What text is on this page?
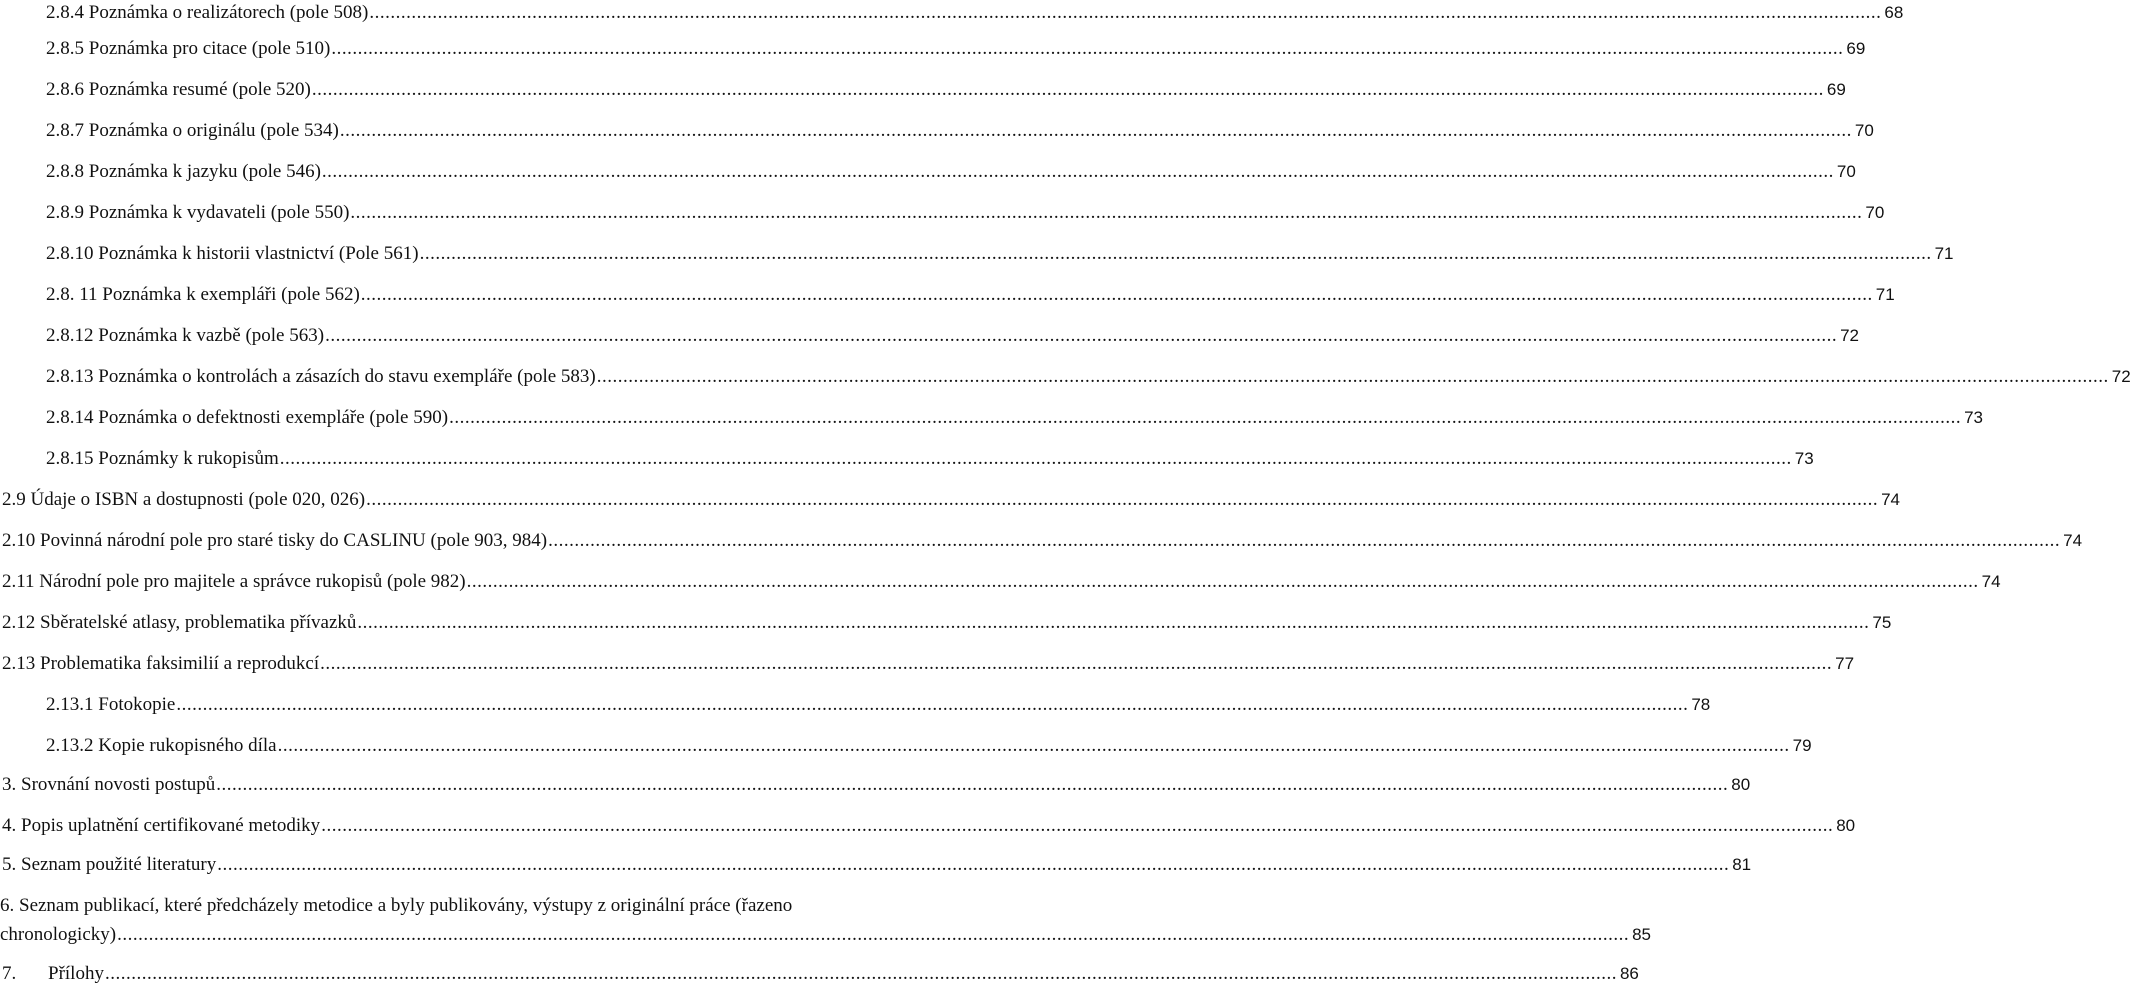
2.8.4 Poznámka o realizátorech (pole 508) ................................................................................................................................................................................................................................................................................................ 68
2.8.5 Poznámka pro citace (pole 510) ................................................................................................................................................................................................................................................................................................ 69
2.8.6 Poznámka resumé (pole 520) ................................................................................................................................................................................................................................................................................................ 69
2.8.7 Poznámka o originálu (pole 534) ................................................................................................................................................................................................................................................................................................ 70
2.8.8 Poznámka k jazyku (pole 546) ................................................................................................................................................................................................................................................................................................ 70
2.8.9 Poznámka k vydavateli (pole 550) ................................................................................................................................................................................................................................................................................................ 70
2.8.10 Poznámka k historii vlastnictví (Pole 561) ................................................................................................................................................................................................................................................................................................ 71
2.8. 11 Poznámka k exempláři (pole 562) ................................................................................................................................................................................................................................................................................................ 71
2.8.12 Poznámka k vazbě (pole 563) ................................................................................................................................................................................................................................................................................................ 72
2.8.13 Poznámka o kontrolách a zásazích do stavu exempláře (pole 583) ................................................................................................................................................................................................................................................................................................ 72
2.8.14 Poznámka o defektnosti exempláře (pole 590) ................................................................................................................................................................................................................................................................................................ 73
2.8.15 Poznámky k rukopisům ................................................................................................................................................................................................................................................................................................ 73
2.9 Údaje o ISBN a dostupnosti (pole 020, 026) ................................................................................................................................................................................................................................................................................................ 74
2.10 Povinná národní pole pro staré tisky do CASLINU (pole 903, 984) ................................................................................................................................................................................................................................................................................................ 74
2.11 Národní pole pro majitele a správce rukopisů (pole 982) ................................................................................................................................................................................................................................................................................................ 74
2.12 Sběratelské atlasy, problematika přívazků ................................................................................................................................................................................................................................................................................................ 75
2.13 Problematika faksimilií a reprodukcí ................................................................................................................................................................................................................................................................................................ 77
2.13.1 Fotokopie ................................................................................................................................................................................................................................................................................................ 78
2.13.2 Kopie rukopisného díla ................................................................................................................................................................................................................................................................................................ 79
3. Srovnání novosti postupů ................................................................................................................................................................................................................................................................................................ 80
4. Popis uplatnění certifikované metodiky ................................................................................................................................................................................................................................................................................................ 80
5. Seznam použité literatury ................................................................................................................................................................................................................................................................................................ 81
6. Seznam publikací, které předcházely metodice a byly publikovány, výstupy z originální práce (řazeno
chronologicky) ................................................................................................................................................................................................................................................................................................ 85
7. Přílohy ................................................................................................................................................................................................................................................................................................ 86
